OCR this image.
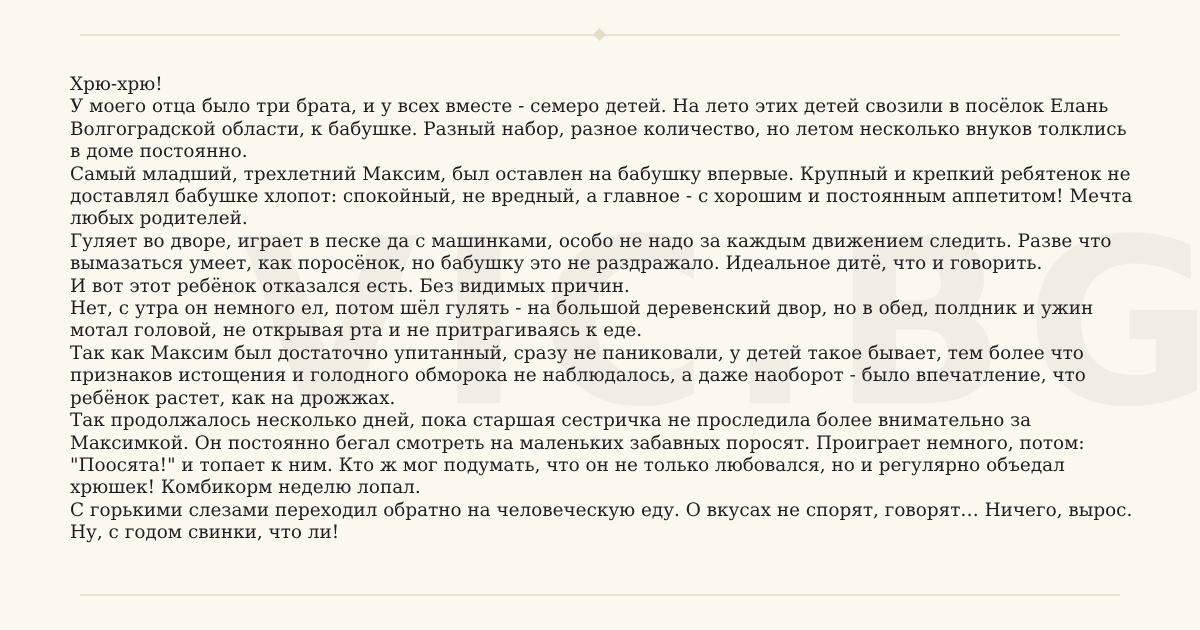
Хрю-хрю!

У моего отца было три брата, и у всех вместе - семеро детей. На лето этих детей свозили в посёлок Елань Волгоградской области, к бабушке. Разный набор, разное количество, но летом несколько внуков толклись в доме постоянно.

Самый младший, трехлетний Максим, был оставлен на бабушку впервые. Крупный и крепкий ребятенок не доставлял бабушке хлопот: спокойный, не вредный, а главное - с хорошим и постоянным аппетитом! Мечта любых родителей.

Гуляет во дворе, играет в песке да с машинками, особо не надо за каждым движением следить. Разве что вымазаться умеет, как поросёнок, но бабушку это не раздражало. Идеальное дитё, что и говорить.

И вот этот ребёнок отказался есть. Без видимых причин.

Нет, с утра он немного ел, потом шёл гулять - на большой деревенский двор, но в обед, полдник и ужин мотал головой, не открывая рта и не притрагиваясь к еде.

Так как Максим был достаточно упитанный, сразу не паниковали, у детей такое бывает, тем более что признаков истощения и голодного обморока не наблюдалось, а даже наоборот - было впечатление, что ребёнок растет, как на дрожжах.

Так продолжалось несколько дней, пока старшая сестричка не проследила более внимательно за Максимкой. Он постоянно бегал смотреть на маленьких забавных поросят. Проиграет немного, потом: "Поосята!" и топает к ним. Кто ж мог подумать, что он не только любовался, но и регулярно объедал хрюшек! Комбикорм неделю лопал.

С горькими слезами переходил обратно на человеческую еду. О вкусах не спорят, говорят… Ничего, вырос.

Ну, с годом свинки, что ли!
